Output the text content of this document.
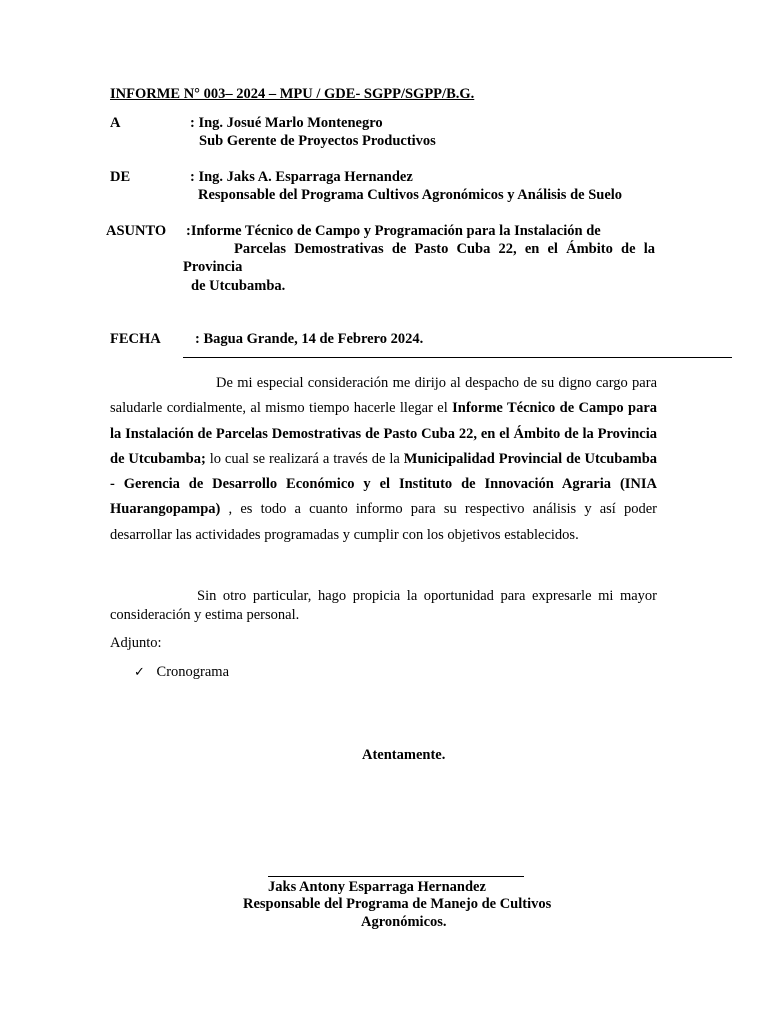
INFORME N° 003– 2024 – MPU / GDE- SGPP/SGPP/B.G.
A	: Ing. Josué Marlo Montenegro
Sub Gerente de Proyectos Productivos
DE	: Ing. Jaks A. Esparraga Hernandez
Responsable del Programa Cultivos Agronómicos y Análisis de Suelo
ASUNTO :Informe Técnico de Campo y Programación para la Instalación de
Parcelas Demostrativas de Pasto Cuba 22, en el Ámbito de la
Provincia
de Utcubamba.
FECHA : Bagua Grande, 14 de Febrero 2024.
De mi especial consideración me dirijo al despacho de su digno cargo para saludarle cordialmente, al mismo tiempo hacerle llegar el Informe Técnico de Campo para la Instalación de Parcelas Demostrativas de Pasto Cuba 22, en el Ámbito de la Provincia de Utcubamba; lo cual se realizará a través de la Municipalidad Provincial de Utcubamba - Gerencia de Desarrollo Económico y el Instituto de Innovación Agraria (INIA Huarangopampa) , es todo a cuanto informo para su respectivo análisis y así poder desarrollar las actividades programadas y cumplir con los objetivos establecidos.
Sin otro particular, hago propicia la oportunidad para expresarle mi mayor consideración y estima personal.
Adjunto:
✓ Cronograma
Atentamente.
Jaks Antony Esparraga Hernandez
Responsable del Programa de Manejo de Cultivos
Agronómicos.
